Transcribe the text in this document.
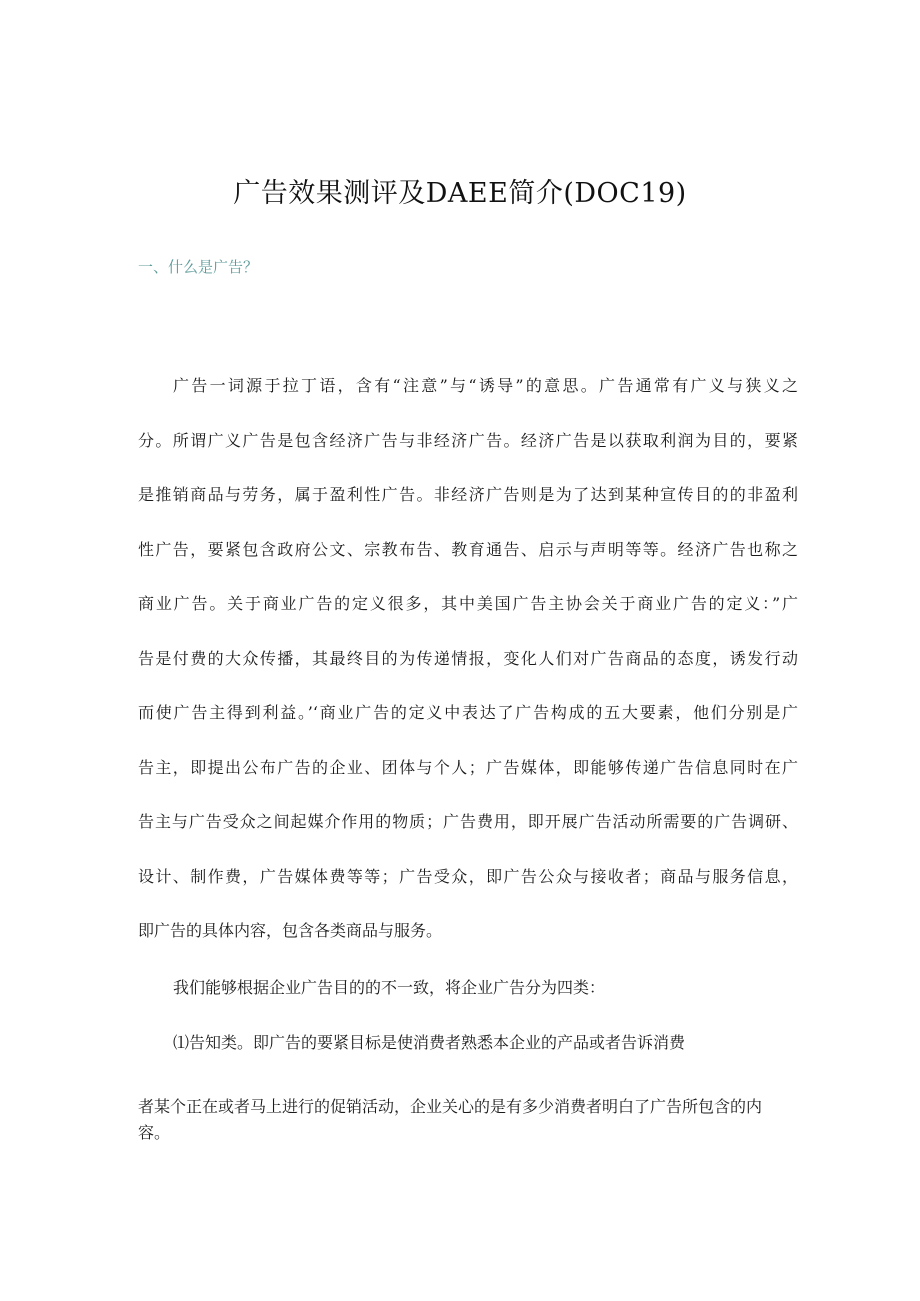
广告效果测评及DAEE简介(DOC19)
一、什么是广告？

广告一词源于拉丁语，含有“注意”与“诱导”的意思。广告通常有广义与狭义之
分。所谓广义广告是包含经济广告与非经济广告。经济广告是以获取利润为目的，要紧
是推销商品与劳务，属于盈利性广告。非经济广告则是为了达到某种宣传目的的非盈利
性广告，要紧包含政府公文、宗教布告、教育通告、启示与声明等等。经济广告也称之
商业广告。关于商业广告的定义很多，其中美国广告主协会关于商业广告的定义：”广
告是付费的大众传播，其最终目的为传递情报，变化人们对广告商品的态度，诱发行动
而使广告主得到利益。’‘商业广告的定义中表达了广告构成的五大要素，他们分别是广
告主，即提出公布广告的企业、团体与个人；广告媒体，即能够传递广告信息同时在广
告主与广告受众之间起媒介作用的物质；广告费用，即开展广告活动所需要的广告调研、
设计、制作费，广告媒体费等等；广告受众，即广告公众与接收者；商品与服务信息，
即广告的具体内容，包含各类商品与服务。

我们能够根据企业广告目的的不一致，将企业广告分为四类：

⑴告知类。即广告的要紧目标是使消费者熟悉本企业的产品或者告诉消费

者某个正在或者马上进行的促销活动，企业关心的是有多少消费者明白了广告所包含的内容。
